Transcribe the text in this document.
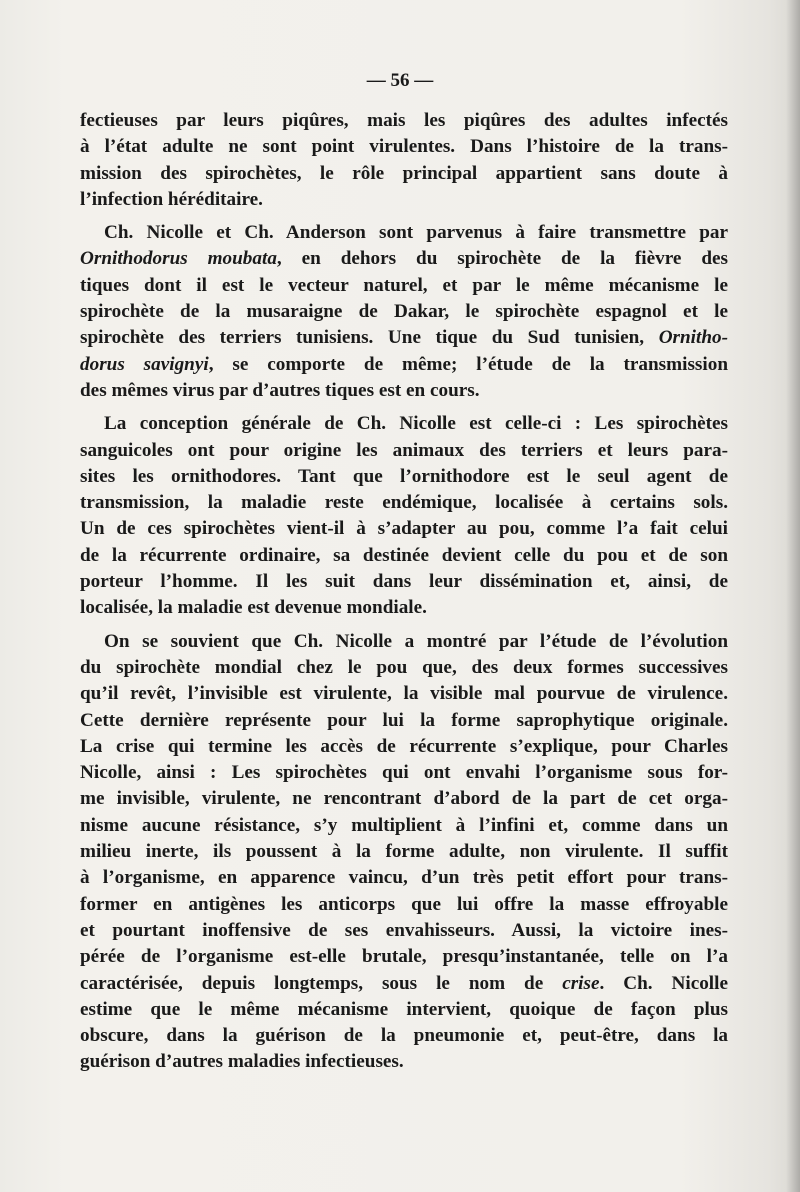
— 56 —
fectieuses par leurs piqûres, mais les piqûres des adultes infectés
à l’état adulte ne sont point virulentes. Dans l’histoire de la trans-
mission des spirochètes, le rôle principal appartient sans doute à
l’infection héréditaire.
Ch. Nicolle et Ch. Anderson sont parvenus à faire transmettre par
Ornithodorus moubata, en dehors du spirochète de la fièvre des
tiques dont il est le vecteur naturel, et par le même mécanisme le
spirochète de la musaraigne de Dakar, le spirochète espagnol et le
spirochète des terriers tunisiens. Une tique du Sud tunisien, Ornitho-
dorus savignyi, se comporte de même; l’étude de la transmission
des mêmes virus par d’autres tiques est en cours.
La conception générale de Ch. Nicolle est celle-ci : Les spirochètes
sanguicoles ont pour origine les animaux des terriers et leurs para-
sites les ornithodores. Tant que l’ornithodore est le seul agent de
transmission, la maladie reste endémique, localisée à certains sols.
Un de ces spirochètes vient-il à s’adapter au pou, comme l’a fait celui
de la récurrente ordinaire, sa destinée devient celle du pou et de son
porteur l’homme. Il les suit dans leur dissémination et, ainsi, de
localisée, la maladie est devenue mondiale.
On se souvient que Ch. Nicolle a montré par l’étude de l’évolution
du spirochète mondial chez le pou que, des deux formes successives
qu’il revêt, l’invisible est virulente, la visible mal pourvue de virulence.
Cette dernière représente pour lui la forme saprophytique originale.
La crise qui termine les accès de récurrente s’explique, pour Charles
Nicolle, ainsi : Les spirochètes qui ont envahi l’organisme sous for-
me invisible, virulente, ne rencontrant d’abord de la part de cet orga-
nisme aucune résistance, s’y multiplient à l’infini et, comme dans un
milieu inerte, ils poussent à la forme adulte, non virulente. Il suffit
à l’organisme, en apparence vaincu, d’un très petit effort pour trans-
former en antigènes les anticorps que lui offre la masse effroyable
et pourtant inoffensive de ses envahisseurs. Aussi, la victoire ines-
pérée de l’organisme est-elle brutale, presqu’instantanée, telle on l’a
caractérisée, depuis longtemps, sous le nom de crise. Ch. Nicolle
estime que le même mécanisme intervient, quoique de façon plus
obscure, dans la guérison de la pneumonie et, peut-être, dans la
guérison d’autres maladies infectieuses.
